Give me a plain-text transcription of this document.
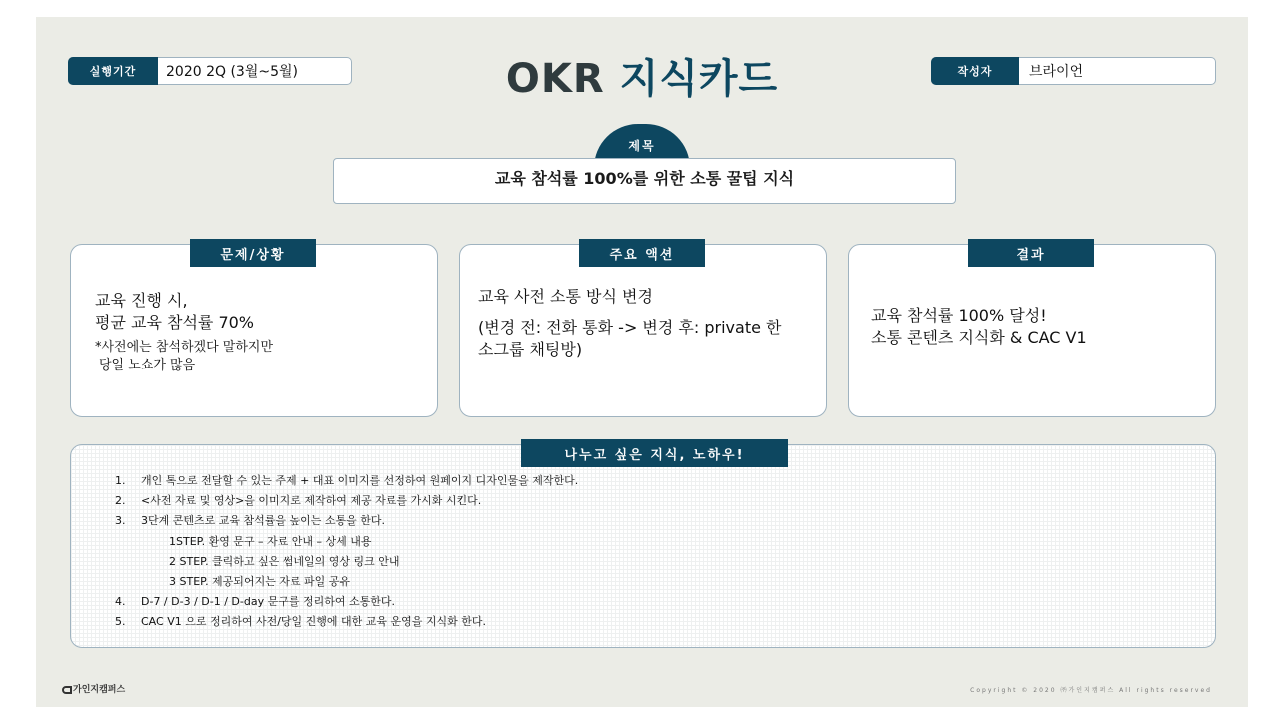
실행기간	2020 2Q (3월~5월)	OKR 지식카드	작성자	브라이언
제목
교육 참석률 100%를 위한 소통 꿀팁 지식
문제/상황
교육 진행 시,
평균 교육 참석률 70%
*사전에는 참석하겠다 말하지만
당일 노쇼가 많음
주요 액션
교육 사전 소통 방식 변경
(변경 전: 전화 통화 -> 변경 후: private 한
소그룹 채팅방)
결과
교육 참석률 100% 달성!
소통 콘텐츠 지식화 & CAC V1
나누고 싶은 지식, 노하우!
1. 개인 톡으로 전달할 수 있는 주제 + 대표 이미지를 선정하여 원페이지 디자인물을 제작한다.
2. <사전 자료 및 영상>을 이미지로 제작하여 제공 자료를 가시화 시킨다.
3. 3단계 콘텐츠로 교육 참석률을 높이는 소통을 한다.
1STEP. 환영 문구 – 자료 안내 – 상세 내용
2 STEP. 클릭하고 싶은 썸네일의 영상 링크 안내
3 STEP. 제공되어지는 자료 파일 공유
4. D-7 / D-3 / D-1 / D-day 문구를 정리하여 소통한다.
5. CAC V1 으로 정리하여 사전/당일 진행에 대한 교육 운영을 지식화 한다.
가인지캠퍼스	Copyright © 2020 ㈜가인지캠퍼스 All rights reserved
